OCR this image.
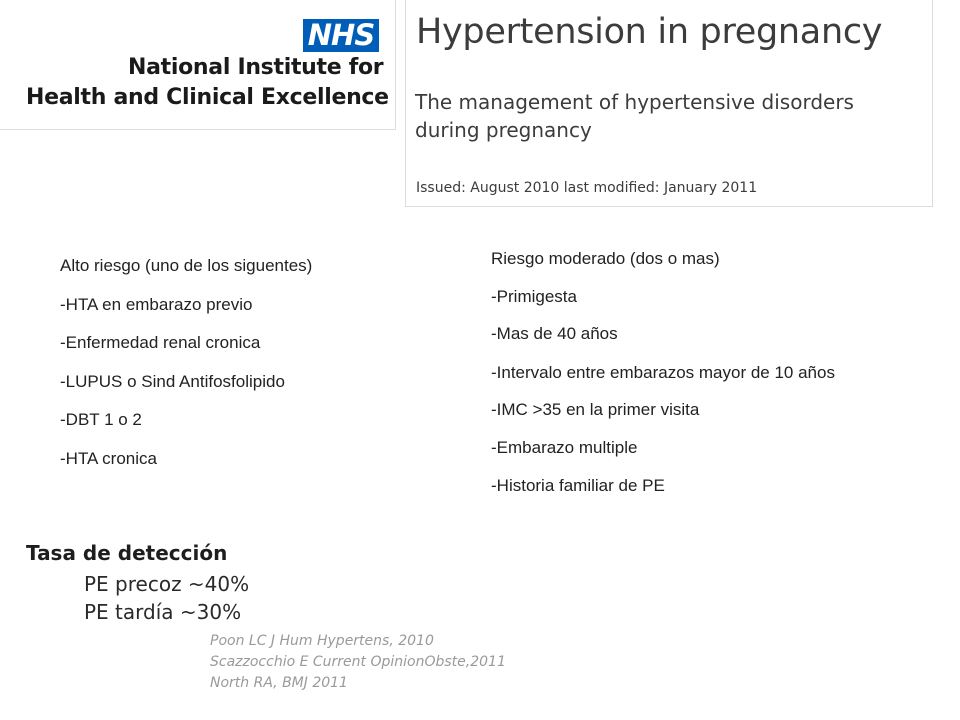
NHS
National Institute for
Health and Clinical Excellence
Hypertension in pregnancy
The management of hypertensive disorders
during pregnancy
Issued: August 2010 last modified: January 2011
Alto riesgo (uno de los siguentes)
-HTA en embarazo previo
-Enfermedad renal cronica
-LUPUS o Sind Antifosfolipido
-DBT 1 o 2
-HTA cronica
Riesgo moderado (dos o mas)
-Primigesta
-Mas de 40 años
-Intervalo entre embarazos mayor de 10 años
-IMC >35 en la primer visita
-Embarazo multiple
-Historia familiar de PE
Tasa de detección
PE precoz ~40%
PE tardía ~30%
Poon LC J Hum Hypertens, 2010
Scazzocchio E Current OpinionObste,2011
North RA, BMJ 2011
